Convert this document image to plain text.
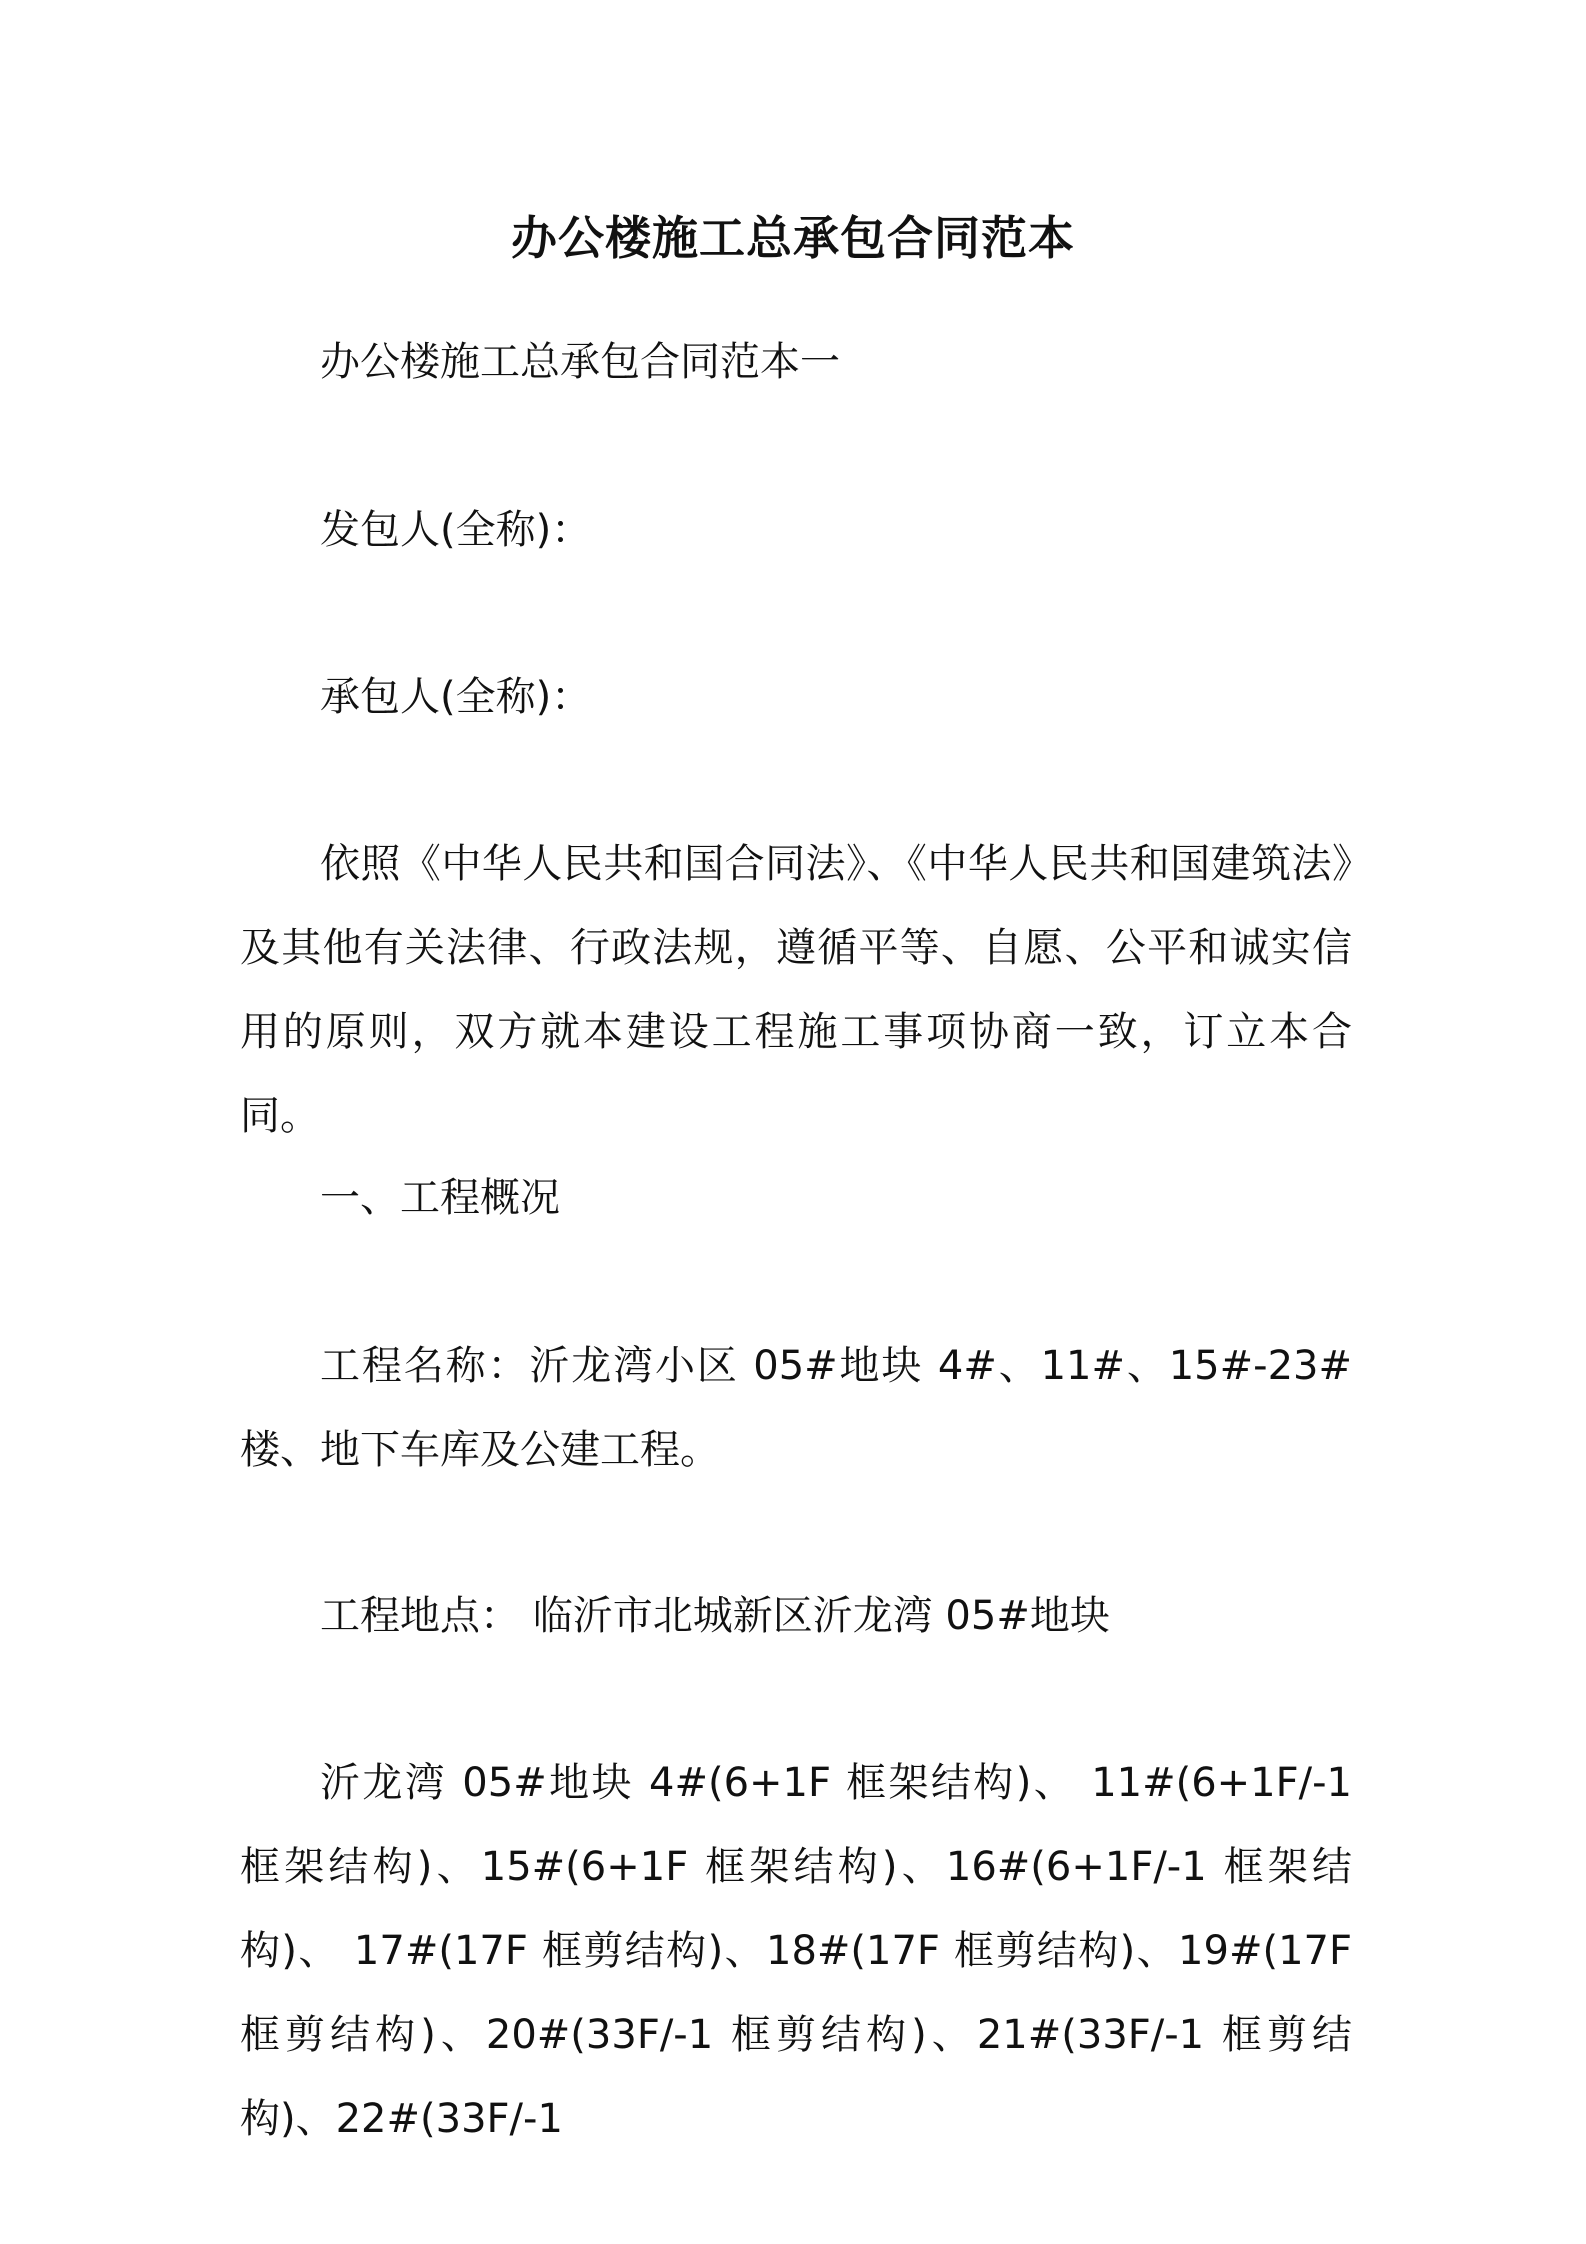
办公楼施工总承包合同范本
办公楼施工总承包合同范本一
发包人(全称)：
承包人(全称)：
依照《中华人民共和国合同法》、《中华人民共和国建筑法》及其他有关法律、行政法规，遵循平等、自愿、公平和诚实信用的原则，双方就本建设工程施工事项协商一致，订立本合同。
一、工程概况
工程名称：沂龙湾小区 05#地块 4#、11#、15#-23#楼、地下车库及公建工程。
工程地点： 临沂市北城新区沂龙湾 05#地块
沂龙湾 05#地块 4#(6+1F 框架结构)、 11#(6+1F/-1 框架结构)、15#(6+1F 框架结构)、16#(6+1F/-1 框架结构)、 17#(17F 框剪结构)、18#(17F 框剪结构)、19#(17F 框剪结构)、20#(33F/-1 框剪结构)、21#(33F/-1 框剪结构)、22#(33F/-1
